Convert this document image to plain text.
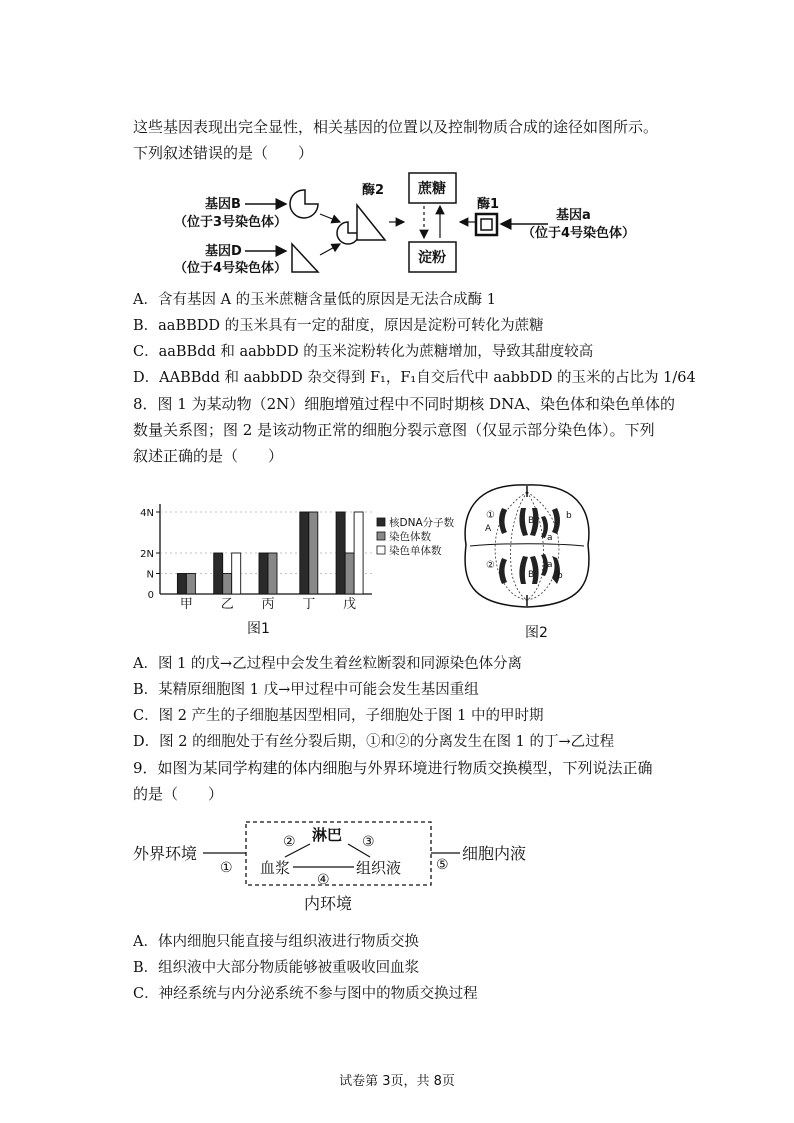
这些基因表现出完全显性，相关基因的位置以及控制物质合成的途径如图所示。
下列叙述错误的是（　　）
基因B
（位于3号染色体）
基因D
（位于4号染色体）
酶2 蔗糖
淀粉
酶1
基因a
（位于4号染色体）
A．含有基因 A 的玉米蔗糖含量低的原因是无法合成酶 1
B．aaBBDD 的玉米具有一定的甜度，原因是淀粉可转化为蔗糖
C．aaBBdd 和 aabbDD 的玉米淀粉转化为蔗糖增加，导致其甜度较高
D．AABBdd 和 aabbDD 杂交得到 F₁，F₁自交后代中 aabbDD 的玉米的占比为 1/64
8．图 1 为某动物（2N）细胞增殖过程中不同时期核 DNA、染色体和染色单体的
数量关系图；图 2 是该动物正常的细胞分裂示意图（仅显示部分染色体）。下列
叙述正确的是（　　）
4N
2N
N
0
甲 乙 丙 丁 戊
核DNA分子数
染色体数
染色单体数
图1
①
②
A
B	b
a
a
B	b
图2
A．图 1 的戊→乙过程中会发生着丝粒断裂和同源染色体分离
B．某精原细胞图 1 戊→甲过程中可能会发生基因重组
C．图 2 产生的子细胞基因型相同，子细胞处于图 1 中的甲时期
D．图 2 的细胞处于有丝分裂后期，①和②的分离发生在图 1 的丁→乙过程
9．如图为某同学构建的体内细胞与外界环境进行物质交换模型，下列说法正确
的是（　　）
外界环境
①
淋巴
②	③
血浆
④
组织液
内环境
⑤
细胞内液
A．体内细胞只能直接与组织液进行物质交换
B．组织液中大部分物质能够被重吸收回血浆
C．神经系统与内分泌系统不参与图中的物质交换过程
试卷第 3页，共 8页
